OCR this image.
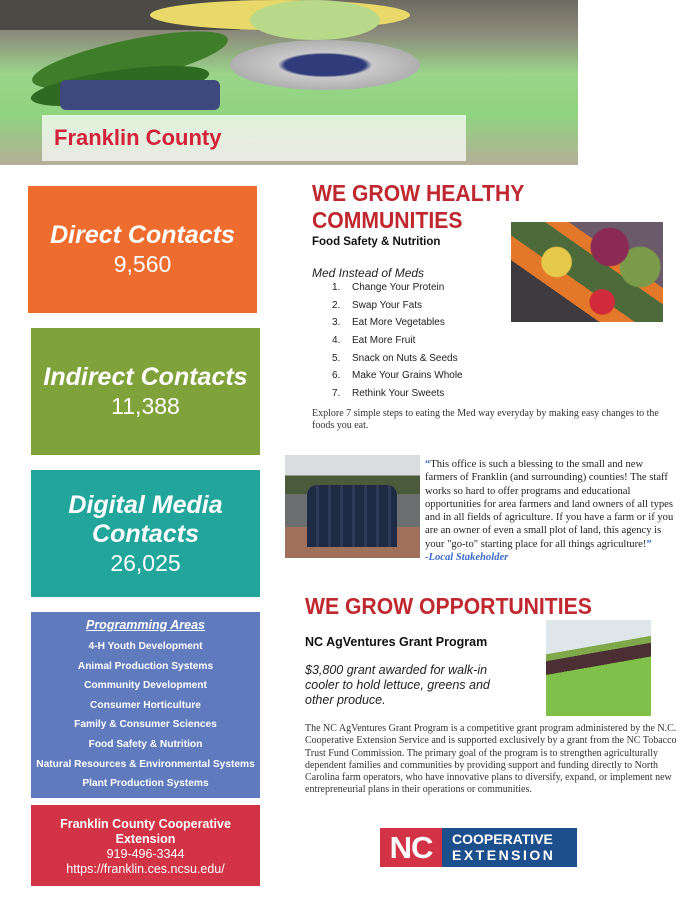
Franklin County
Direct Contacts
9,560
Indirect Contacts
11,388
Digital Media Contacts
26,025
Programming Areas
4-H Youth Development
Animal Production Systems
Community Development
Consumer Horticulture
Family & Consumer Sciences
Food Safety & Nutrition
Natural Resources & Environmental Systems
Plant Production Systems
Franklin County Cooperative Extension
919-496-3344
https://franklin.ces.ncsu.edu/
WE GROW HEALTHY COMMUNITIES
Food Safety & Nutrition
Med Instead of Meds
1. Change Your Protein
2. Swap Your Fats
3. Eat More Vegetables
4. Eat More Fruit
5. Snack on Nuts & Seeds
6. Make Your Grains Whole
7. Rethink Your Sweets
Explore 7 simple steps to eating the Med way everyday by making easy changes to the foods you eat.
“This office is such a blessing to the small and new farmers of Franklin (and surrounding) counties! The staff works so hard to offer programs and educational opportunities for area farmers and land owners of all types and in all fields of agriculture. If you have a farm or if you are an owner of even a small plot of land, this agency is your "go-to" starting place for all things agriculture!”
-Local Stakeholder
WE GROW OPPORTUNITIES
NC AgVentures Grant Program
$3,800 grant awarded for walk-in cooler to hold lettuce, greens and other produce.
The NC AgVentures Grant Program is a competitive grant program administered by the N.C. Cooperative Extension Service and is supported exclusively by a grant from the NC Tobacco Trust Fund Commission. The primary goal of the program is to strengthen agriculturally dependent families and communities by providing support and funding directly to North Carolina farm operators, who have innovative plans to diversify, expand, or implement new entrepreneurial plans in their operations or communities.
NC	COOPERATIVE
EXTENSION
